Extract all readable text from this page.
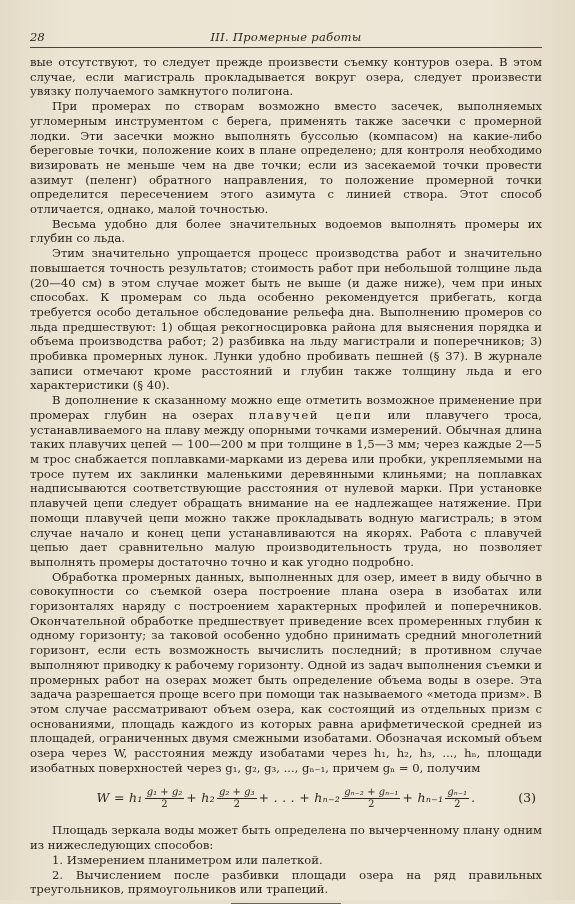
28	III. Промерные работы

вые отсутствуют, то следует прежде произвести съемку контуров озера. В этом случае, если магистраль прокладывается вокруг озера, следует произвести увязку получаемого замкнутого полигона.

При промерах по створам возможно вместо засечек, выполняемых угломерным инструментом с берега, применять также засечки с промерной лодки. Эти засечки можно выполнять буссолью (компасом) на какие-либо береговые точки, положение коих в плане определено; для контроля необходимо визировать не меньше чем на две точки; если из засекаемой точки провести азимут (пеленг) обратного направления, то положение промерной точки определится пересечением этого азимута с линией створа. Этот способ отличается, однако, малой точностью.

Весьма удобно для более значительных водоемов выполнять промеры их глубин со льда.

Этим значительно упрощается процесс производства работ и значительно повышается точность результатов; стоимость работ при небольшой толщине льда (20—40 см) в этом случае может быть не выше (и даже ниже), чем при иных способах. К промерам со льда особенно рекомендуется прибегать, когда требуется особо детальное обследование рельефа дна. Выполнению промеров со льда предшествуют: 1) общая рекогносцировка района для выяснения порядка и объема производства работ; 2) разбивка на льду магистрали и поперечников; 3) пробивка промерных лунок. Лунки удобно пробивать пешней (§ 37). В журнале записи отмечают кроме расстояний и глубин также толщину льда и его характеристики (§ 40).

В дополнение к сказанному можно еще отметить возможное применение при промерах глубин на озерах плавучей цепи или плавучего троса, устанавливаемого на плаву между опорными точками измерений. Обычная длина таких плавучих цепей — 100—200 м при толщине в 1,5—3 мм; через каждые 2—5 м трос снабжается поплавками-марками из дерева или пробки, укрепляемыми на тросе путем их заклинки маленькими деревянными клиньями; на поплавках надписываются соответствующие расстояния от нулевой марки. При установке плавучей цепи следует обращать внимание на ее надлежащее натяжение. При помощи плавучей цепи можно также прокладывать водную магистраль; в этом случае начало и конец цепи устанавливаются на якорях. Работа с плавучей цепью дает сравнительно малую производительность труда, но позволяет выполнять промеры достаточно точно и как угодно подробно.

Обработка промерных данных, выполненных для озер, имеет в виду обычно в совокупности со съемкой озера построение плана озера в изобатах или горизонталях наряду с построением характерных профилей и поперечников. Окончательной обработке предшествует приведение всех промеренных глубин к одному горизонту; за таковой особенно удобно принимать средний многолетний горизонт, если есть возможность вычислить последний; в противном случае выполняют приводку к рабочему горизонту. Одной из задач выполнения съемки и промерных работ на озерах может быть определение объема воды в озере. Эта задача разрешается проще всего при помощи так называемого «метода призм». В этом случае рассматривают объем озера, как состоящий из отдельных призм с основаниями, площадь каждого из которых равна арифметической средней из площадей, ограниченных двумя смежными изобатами. Обозначая искомый объем озера через W, расстояния между изобатами через h₁, h₂, h₃, ..., hₙ, площади изобатных поверхностей через g₁, g₂, g₃, ..., gₙ₋₁, причем gₙ = 0, получим

$W = h_1 \frac{\text{g₁ + g₂}}{2} + h_2 \frac{\text{g₂ + g₃}}{2}$ + . . . + $h_{n-2} \frac{\text{gₙ₋₂ + gₙ₋₁}}{2} + h_{n-1} \frac{\text{gₙ₋₁}}{2}$ .	(3)

Площадь зеркала воды может быть определена по вычерченному плану одним из нижеследующих способов:

1. Измерением планиметром или палеткой.

2. Вычислением после разбивки площади озера на ряд правильных треугольников, прямоугольников или трапеций.
